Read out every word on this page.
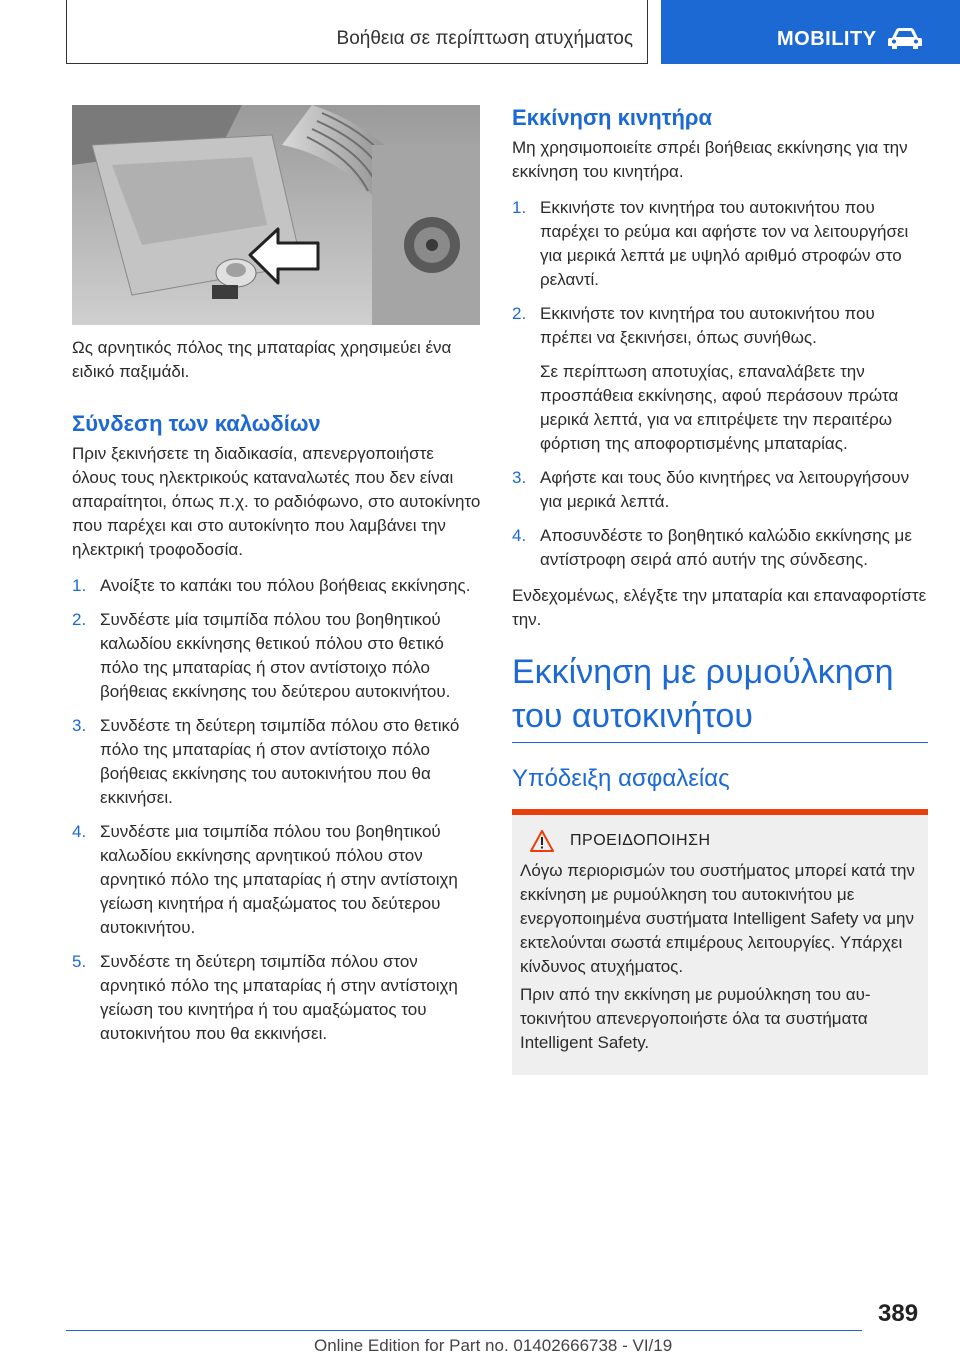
Βοήθεια σε περίπτωση ατυχήματος	MOBILITY

Ως αρνητικός πόλος της μπαταρίας χρησιμεύει ένα ειδικό παξιμάδι.

Σύνδεση των καλωδίων

Πριν ξεκινήσετε τη διαδικασία, απενεργοποιήστε όλους τους ηλεκτρικούς καταναλωτές που δεν είναι απαραίτητοι, όπως π.χ. το ραδιόφωνο, στο αυτοκίνητο που παρέχει και στο αυτοκίνητο που λαμβάνει την ηλεκτρική τροφοδοσία.

1. Ανοίξτε το καπάκι του πόλου βοήθειας εκκίνησης.
2. Συνδέστε μία τσιμπίδα πόλου του βοηθητικού καλωδίου εκκίνησης θετικού πόλου στο θετικό πόλο της μπαταρίας ή στον αντίστοιχο πόλο βοήθειας εκκίνησης του δεύτερου αυτοκινήτου.
3. Συνδέστε τη δεύτερη τσιμπίδα πόλου στο θετικό πόλο της μπαταρίας ή στον αντίστοιχο πόλο βοήθειας εκκίνησης του αυτοκινήτου που θα εκκινήσει.
4. Συνδέστε μια τσιμπίδα πόλου του βοηθητικού καλωδίου εκκίνησης αρνητικού πόλου στον αρνητικό πόλο της μπαταρίας ή στην αντίστοιχη γείωση κινητήρα ή αμαξώματος του δεύτερου αυτοκινήτου.
5. Συνδέστε τη δεύτερη τσιμπίδα πόλου στον αρνητικό πόλο της μπαταρίας ή στην αντίστοιχη γείωση του κινητήρα ή του αμαξώματος του αυτοκινήτου που θα εκκινήσει.
Εκκίνηση κινητήρα

Μη χρησιμοποιείτε σπρέι βοήθειας εκκίνησης για την εκκίνηση του κινητήρα.

1. Εκκινήστε τον κινητήρα του αυτοκινήτου που παρέχει το ρεύμα και αφήστε τον να λειτουργήσει για μερικά λεπτά με υψηλό αριθμό στροφών στο ρελαντί.
2. Εκκινήστε τον κινητήρα του αυτοκινήτου που πρέπει να ξεκινήσει, όπως συνήθως.
Σε περίπτωση αποτυχίας, επαναλάβετε την προσπάθεια εκκίνησης, αφού περάσουν πρώτα μερικά λεπτά, για να επιτρέψετε την περαιτέρω φόρτιση της αποφορτισμένης μπαταρίας.
3. Αφήστε και τους δύο κινητήρες να λειτουργήσουν για μερικά λεπτά.
4. Αποσυνδέστε το βοηθητικό καλώδιο εκκίνησης με αντίστροφη σειρά από αυτήν της σύνδεσης.

Ενδεχομένως, ελέγξτε την μπαταρία και επαναφορτίστε την.

Εκκίνηση με ρυμούλκηση του αυτοκινήτου
Υπόδειξη ασφαλείας
ΠΡΟΕΙΔΟΠΟΙΗΣΗ

Λόγω περιορισμών του συστήματος μπορεί κατά την εκκίνηση με ρυμούλκηση του αυτοκινήτου με ενεργοποιημένα συστήματα Intelligent Safety να μην εκτελούνται σωστά επιμέρους λειτουργίες. Υπάρχει κίνδυνος ατυχήματος.

Πριν από την εκκίνηση με ρυμούλκηση του αυτοκινήτου απενεργοποιήστε όλα τα συστήματα Intelligent Safety.

389
Online Edition for Part no. 01402666738 - VI/19
